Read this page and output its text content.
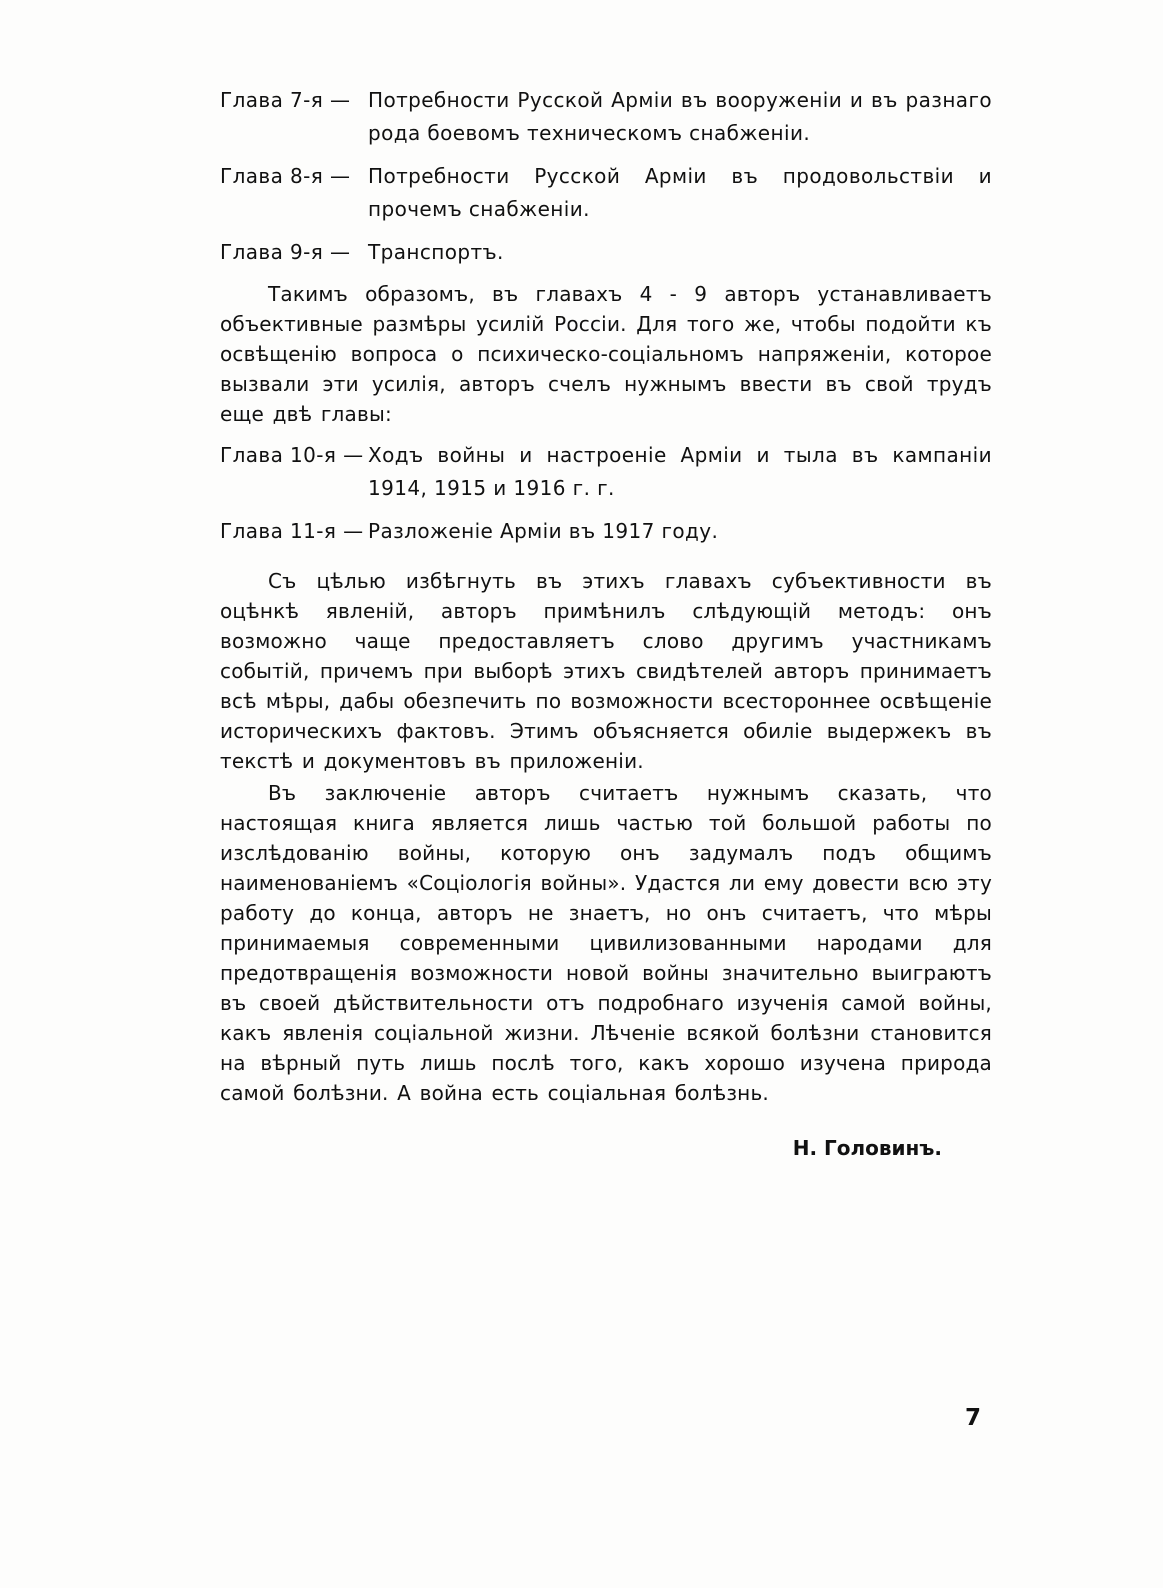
Глава 7-я — Потребности Русской Арміи въ вооруженіи и въ разнаго рода боевомъ техническомъ снабженіи.
Глава 8-я — Потребности Русской Арміи въ продовольствіи и прочемъ снабженіи.
Глава 9-я — Транспортъ.

Такимъ образомъ, въ главахъ 4 - 9 авторъ устанавливаетъ объективные размѣры усилій Россіи. Для того же, чтобы подойти къ освѣщенію вопроса о психическо-соціальномъ напряженіи, которое вызвали эти усилія, авторъ счелъ нужнымъ ввести въ свой трудъ еще двѣ главы:

Глава 10-я — Ходъ войны и настроеніе Арміи и тыла въ кампаніи 1914, 1915 и 1916 г. г.
Глава 11-я — Разложеніе Арміи въ 1917 году.

Съ цѣлью избѣгнуть въ этихъ главахъ субъективности въ оцѣнкѣ явленій, авторъ примѣнилъ слѣдующій методъ: онъ возможно чаще предоставляетъ слово другимъ участникамъ событій, причемъ при выборѣ этихъ свидѣтелей авторъ принимаетъ всѣ мѣры, дабы обезпечить по возможности всестороннее освѣщеніе историческихъ фактовъ. Этимъ объясняется обиліе выдержекъ въ текстѣ и документовъ въ приложеніи.

Въ заключеніе авторъ считаетъ нужнымъ сказать, что настоящая книга является лишь частью той большой работы по изслѣдованію войны, которую онъ задумалъ подъ общимъ наименованіемъ «Соціологія войны». Удастся ли ему довести всю эту работу до конца, авторъ не знаетъ, но онъ считаетъ, что мѣры принимаемыя современными цивилизованными народами для предотвращенія возможности новой войны значительно выиграютъ въ своей дѣйствительности отъ подробнаго изученія самой войны, какъ явленія соціальной жизни. Лѣченіе всякой болѣзни становится на вѣрный путь лишь послѣ того, какъ хорошо изучена природа самой болѣзни. А война есть соціальная болѣзнь.

Н. Головинъ.
7
